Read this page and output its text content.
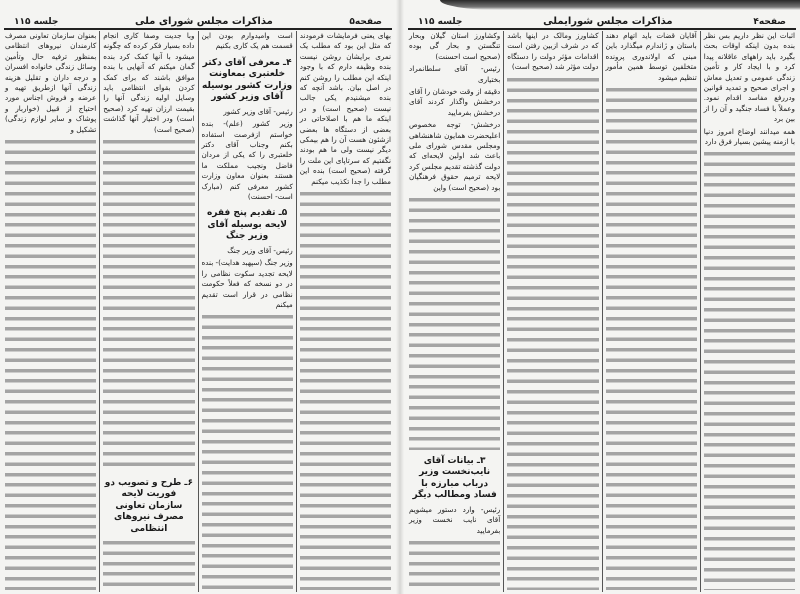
جلسه ۱۱۵	مذاکرات مجلس شورای ملی	صفحه۵

بهای یعنی فرمایشات فرمودند که مثل این بود که مطلب یک نمری برایشان روشن نیست بنده وظیفه دارم که با وجود اینکه این مطلب را روشن کنم در اصل بیان. باشد آنچه که بنده میشنیدم یکی جالب نیست (صحیح است) و در اینکه ما هم با اصلاحاتی در بعضی از دستگاه ها بعضی ازشئون هست آن را هم بیمکی دیگر نیست ولی ما هم بودند نگفتیم که سرتاپای این ملت را گرفته (صحیح است) بنده این مطلب را جدا تکذیب میکنم

است وامیدوارم بودن این قسمت هم یک کاری بکنیم

۴ـ معرفی آقای دکتر خلعتبری بمعاونت وزارت کشور بوسیله آقای وزیر کشور

رئیس- آقای وزیر کشور

وزیر کشور (علم)- بنده خواستم ازفرصت استفاده بکنم وجناب آقای دکتر خلعتبری را که یکی از مردان فاضل ونجیب مملکت ما هستند بعنوان معاون وزارت کشور معرفی کنم (مبارک است- احسنت)

۵ـ تقدیم پنج فقره لایحه بوسیله آقای وزیر جنگ

رئیس- آقای وزیر جنگ

وزیر جنگ (سپهبد هدایت)- بنده لایحه تجدید سکوت نظامی را در دو نسخه که فعلاً حکومت نظامی در قرار است تقدیم میکنم

وبا جدیت وصفا کاری انجام داده بسیار فکر کرده که چگونه میشود با آنها کمک کرد بنده گمان میکنم که آنهایی با بنده موافق باشند که برای کمک کردن بقوای انتظامی باید وسایل اولیه زندگی آنها را بقیمت ارزان تهیه کرد (صحیح است) ودر اختیار آنها گذاشت (صحیح است)

۶ـ طرح و تصویب دو فوریت لایحه سازمان تعاونی مصرف نیروهای انتظامی

بعنوان سازمان تعاونی مصرف کارمندان نیروهای انتظامی بمنظور ترفیه حال وتأمین وسائل زندگی خانواده افسران و درجه داران و تقلیل هزینه زندگی آنها ازطریق تهیه و عرضه و فروش اجناس مورد احتیاج از قبیل (خواربار و پوشاک و سایر لوازم زندگی) تشکیل و

جلسه ۱۱۵	مذاکرات مجلس شورایملی	صفحه۴

اثبات این نظر داریم بس نظر بنده بدون اینکه اوقات بحث بگیرد باید راههای عاقلانه پیدا کرد و با ایجاد کار و تأمین زندگی عمومی و تعدیل معاش و اجرای صحیح و تمدید قوانین ودررفع مفاسد اقدام نمود. وعملاً با فساد جنگید و آن را از بین برد

همه میدانند اوضاع امروز دنیا با ازمنه پیشین بسیار فرق دارد

آقایان قضات باید اتهام دهند باستان و ژاندارم میگذارد باین مبنی که اولاندوری پرونده متخلفین توسط همین مأمور تنظیم میشود

کشاورز ومالک در اینها باشد که در شرف ازبین رفتن است اقدامات مؤثر دولت را دستگاه دولت مؤثر شد (صحیح است)

وکشاورز استان گیلان وبحار تنگستن و بحار گی بوده (صحیح است احسنت)

رئیس- آقای سلطانمراد بختیاری

دقیقه از وقت خودشان را آقای درخشش واگذار کردند آقای درخشش بفرمایید

درخشش- توجه مخصوص اعلیحضرت همایون شاهنشاهی ومجلس مقدس شورای ملی باعث شد اولین لایحه‌ای که دولت گذشته تقدیم مجلس کرد لایحه ترمیم حقوق فرهنگیان بود (صحیح است) واین

۳ـ بیانات آقای نایب‌نخست وزیر درباب مبارزه با فساد ومطالب دیگر

رئیس- وارد دستور میشویم آقای نایب نخست وزیر بفرمایید
